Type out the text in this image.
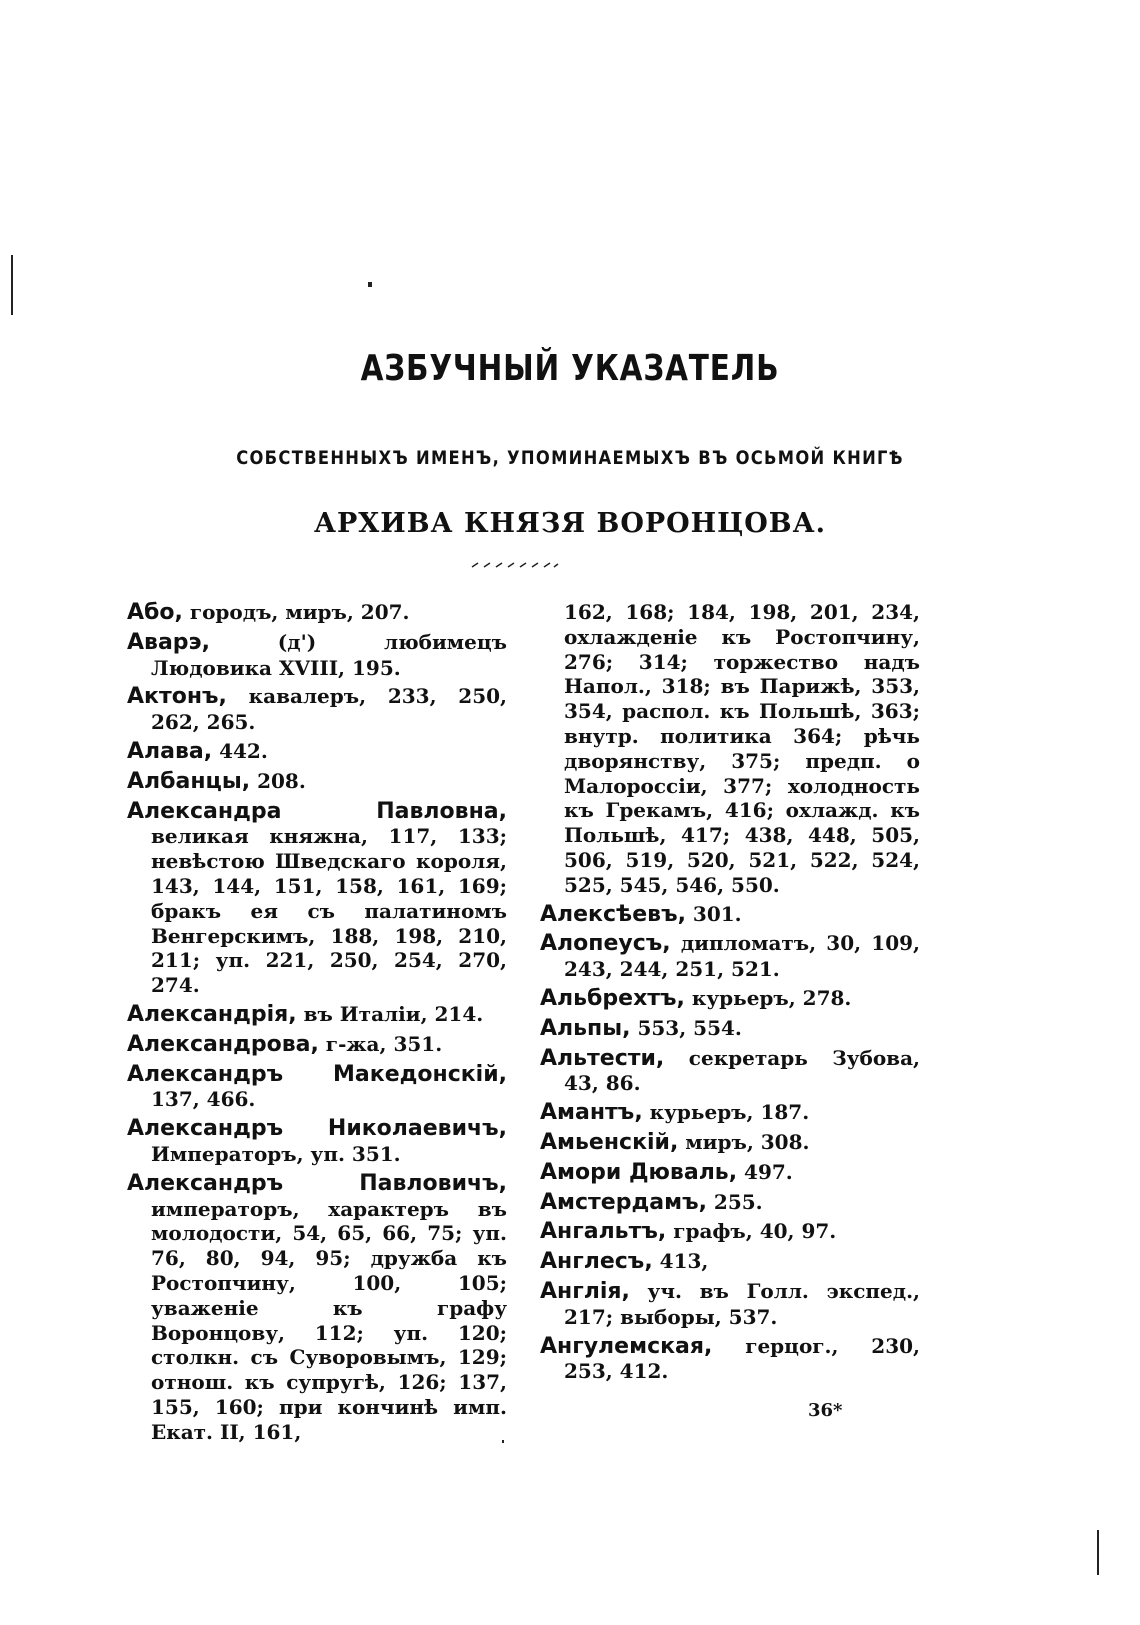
АЗБУЧНЫЙ УКАЗАТЕЛЬ
СОБСТВЕННЫХЪ ИМЕНЪ, УПОМИНАЕМЫХЪ ВЪ ОСЬМОЙ КНИГѢ
АРХИВА КНЯЗЯ ВОРОНЦОВА.
Або, городъ, миръ, 207.
Аварэ, (д') любимецъ Людовика XVIII, 195.
Актонъ, кавалеръ, 233, 250, 262, 265.
Алава, 442.
Албанцы, 208.
Александра Павловна, великая княжна, 117, 133; невѣстою Шведскаго короля, 143, 144, 151, 158, 161, 169; бракъ ея съ палатиномъ Венгерскимъ, 188, 198, 210, 211; уп. 221, 250, 254, 270, 274.
Александрія, въ Италіи, 214.
Александрова, г-жа, 351.
Александръ Македонскій, 137, 466.
Александръ Николаевичъ, Императоръ, уп. 351.
Александръ Павловичъ, императоръ, характеръ въ молодости, 54, 65, 66, 75; уп. 76, 80, 94, 95; дружба къ Ростопчину, 100, 105; уваженіе къ графу Воронцову, 112; уп. 120; столкн. съ Суворовымъ, 129; отнош. къ супругѣ, 126; 137, 155, 160; при кончинѣ имп. Екат. II, 161,
162, 168; 184, 198, 201, 234, охлажденіе къ Ростопчину, 276; 314; торжество надъ Напол., 318; въ Парижѣ, 353, 354, распол. къ Польшѣ, 363; внутр. политика 364; рѣчь дворянству, 375; предп. о Малороссіи, 377; холодность къ Грекамъ, 416; охлажд. къ Польшѣ, 417; 438, 448, 505, 506, 519, 520, 521, 522, 524, 525, 545, 546, 550.
Алексѣевъ, 301.
Алопеусъ, дипломатъ, 30, 109, 243, 244, 251, 521.
Альбрехтъ, курьеръ, 278.
Альпы, 553, 554.
Альтести, секретарь Зубова, 43, 86.
Амантъ, курьеръ, 187.
Амьенскій, миръ, 308.
Амори Дюваль, 497.
Амстердамъ, 255.
Ангальтъ, графъ, 40, 97.
Англесъ, 413,
Англія, уч. въ Голл. экспед., 217; выборы, 537.
Ангулемская, герцог., 230, 253, 412.
36*
